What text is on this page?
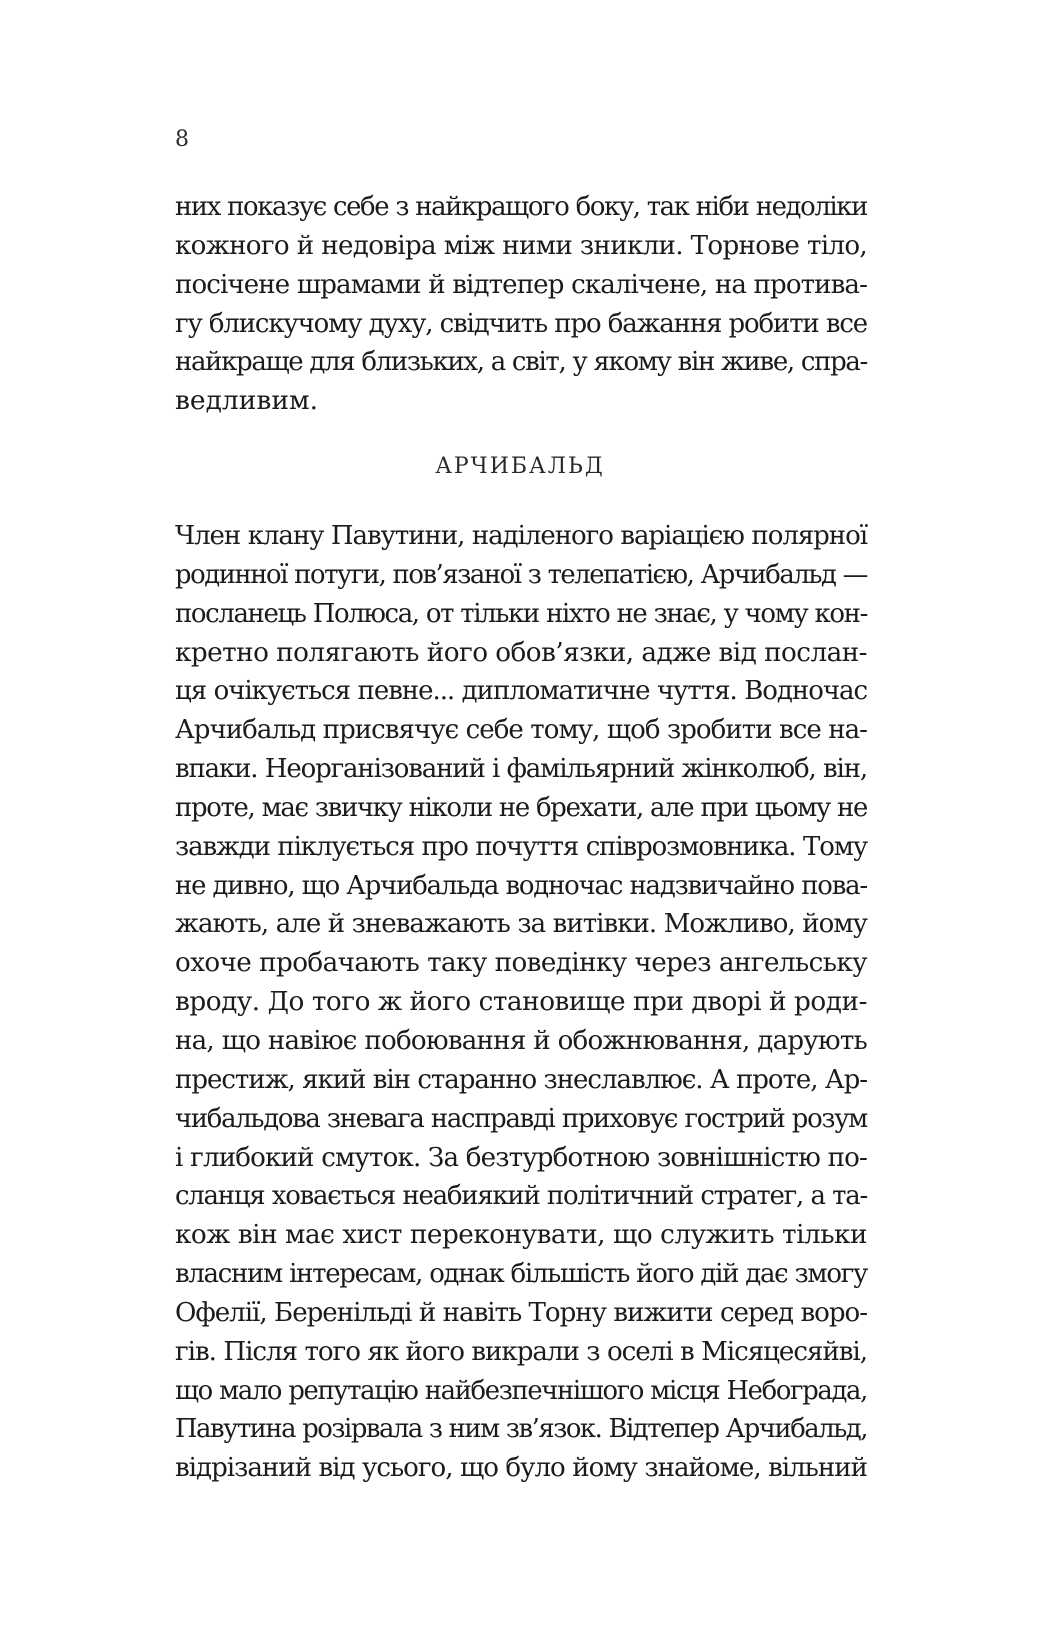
8
них показує себе з найкращого боку, так ніби недоліки
кожного й недовіра між ними зникли. Торнове тіло,
посічене шрамами й відтепер скалічене, на протива-
гу блискучому духу, свідчить про бажання робити все
найкраще для близьких, а світ, у якому він живе, спра-
ведливим.
АРЧИБАЛЬД
Член клану Павутини, наділеного варіацією полярної
родинної потуги, пов’язаної з телепатією, Арчибальд —
посланець Полюса, от тільки ніхто не знає, у чому кон-
кретно полягають його обов’язки, адже від послан-
ця очікується певне... дипломатичне чуття. Водночас
Арчибальд присвячує себе тому, щоб зробити все на-
впаки. Неорганізований і фамільярний жінколюб, він,
проте, має звичку ніколи не брехати, але при цьому не
завжди піклується про почуття співрозмовника. Тому
не дивно, що Арчибальда водночас надзвичайно пова-
жають, але й зневажають за витівки. Можливо, йому
охоче пробачають таку поведінку через ангельську
вроду. До того ж його становище при дворі й роди-
на, що навіює побоювання й обожнювання, дарують
престиж, який він старанно знеславлює. А проте, Ар-
чибальдова зневага насправді приховує гострий розум
і глибокий смуток. За безтурботною зовнішністю по-
сланця ховається неабиякий політичний стратег, а та-
кож він має хист переконувати, що служить тільки
власним інтересам, однак більшість його дій дає змогу
Офелії, Беренільді й навіть Торну вижити серед воро-
гів. Після того як його викрали з оселі в Місяцесяйві,
що мало репутацію найбезпечнішого місця Небограда,
Павутина розірвала з ним зв’язок. Відтепер Арчибальд,
відрізаний від усього, що було йому знайоме, вільний
